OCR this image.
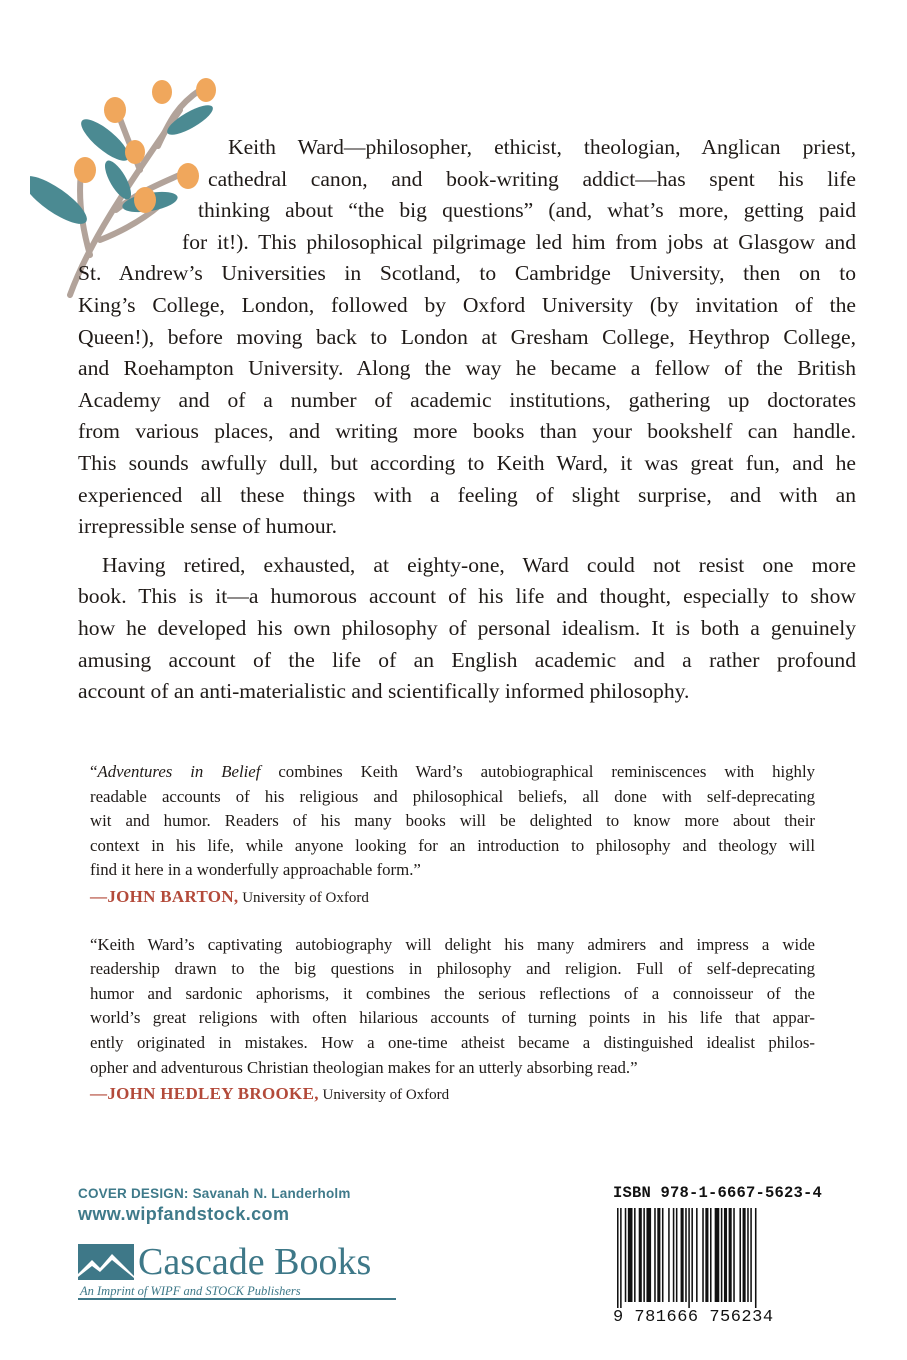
Keith Ward—philosopher, ethicist, theologian, Anglican priest,
cathedral canon, and book-writing addict—has spent his life
thinking about “the big questions” (and, what’s more, getting paid
for it!). This philosophical pilgrimage led him from jobs at Glasgow and
St. Andrew’s Universities in Scotland, to Cambridge University, then on to
King’s College, London, followed by Oxford University (by invitation of the
Queen!), before moving back to London at Gresham College, Heythrop College,
and Roehampton University. Along the way he became a fellow of the British
Academy and of a number of academic institutions, gathering up doctorates
from various places, and writing more books than your bookshelf can handle.
This sounds awfully dull, but according to Keith Ward, it was great fun, and he
experienced all these things with a feeling of slight surprise, and with an
irrepressible sense of humour.

Having retired, exhausted, at eighty-one, Ward could not resist one more
book. This is it—a humorous account of his life and thought, especially to show
how he developed his own philosophy of personal idealism. It is both a genuinely
amusing account of the life of an English academic and a rather profound
account of an anti-materialistic and scientifically informed philosophy.

“Adventures in Belief combines Keith Ward’s autobiographical reminiscences with highly
readable accounts of his religious and philosophical beliefs, all done with self-deprecating
wit and humor. Readers of his many books will be delighted to know more about their
context in his life, while anyone looking for an introduction to philosophy and theology will
find it here in a wonderfully approachable form.”
—JOHN BARTON, University of Oxford
“Keith Ward’s captivating autobiography will delight his many admirers and impress a wide
readership drawn to the big questions in philosophy and religion. Full of self-deprecating
humor and sardonic aphorisms, it combines the serious reflections of a connoisseur of the
world’s great religions with often hilarious accounts of turning points in his life that appar-
ently originated in mistakes. How a one-time atheist became a distinguished idealist philos-
opher and adventurous Christian theologian makes for an utterly absorbing read.”
—JOHN HEDLEY BROOKE, University of Oxford
COVER DESIGN: Savanah N. Landerholm
www.wipfandstock.com
Cascade Books
An Imprint of WIPF and STOCK Publishers
ISBN 978-1-6667-5623-4
9 781666 756234
